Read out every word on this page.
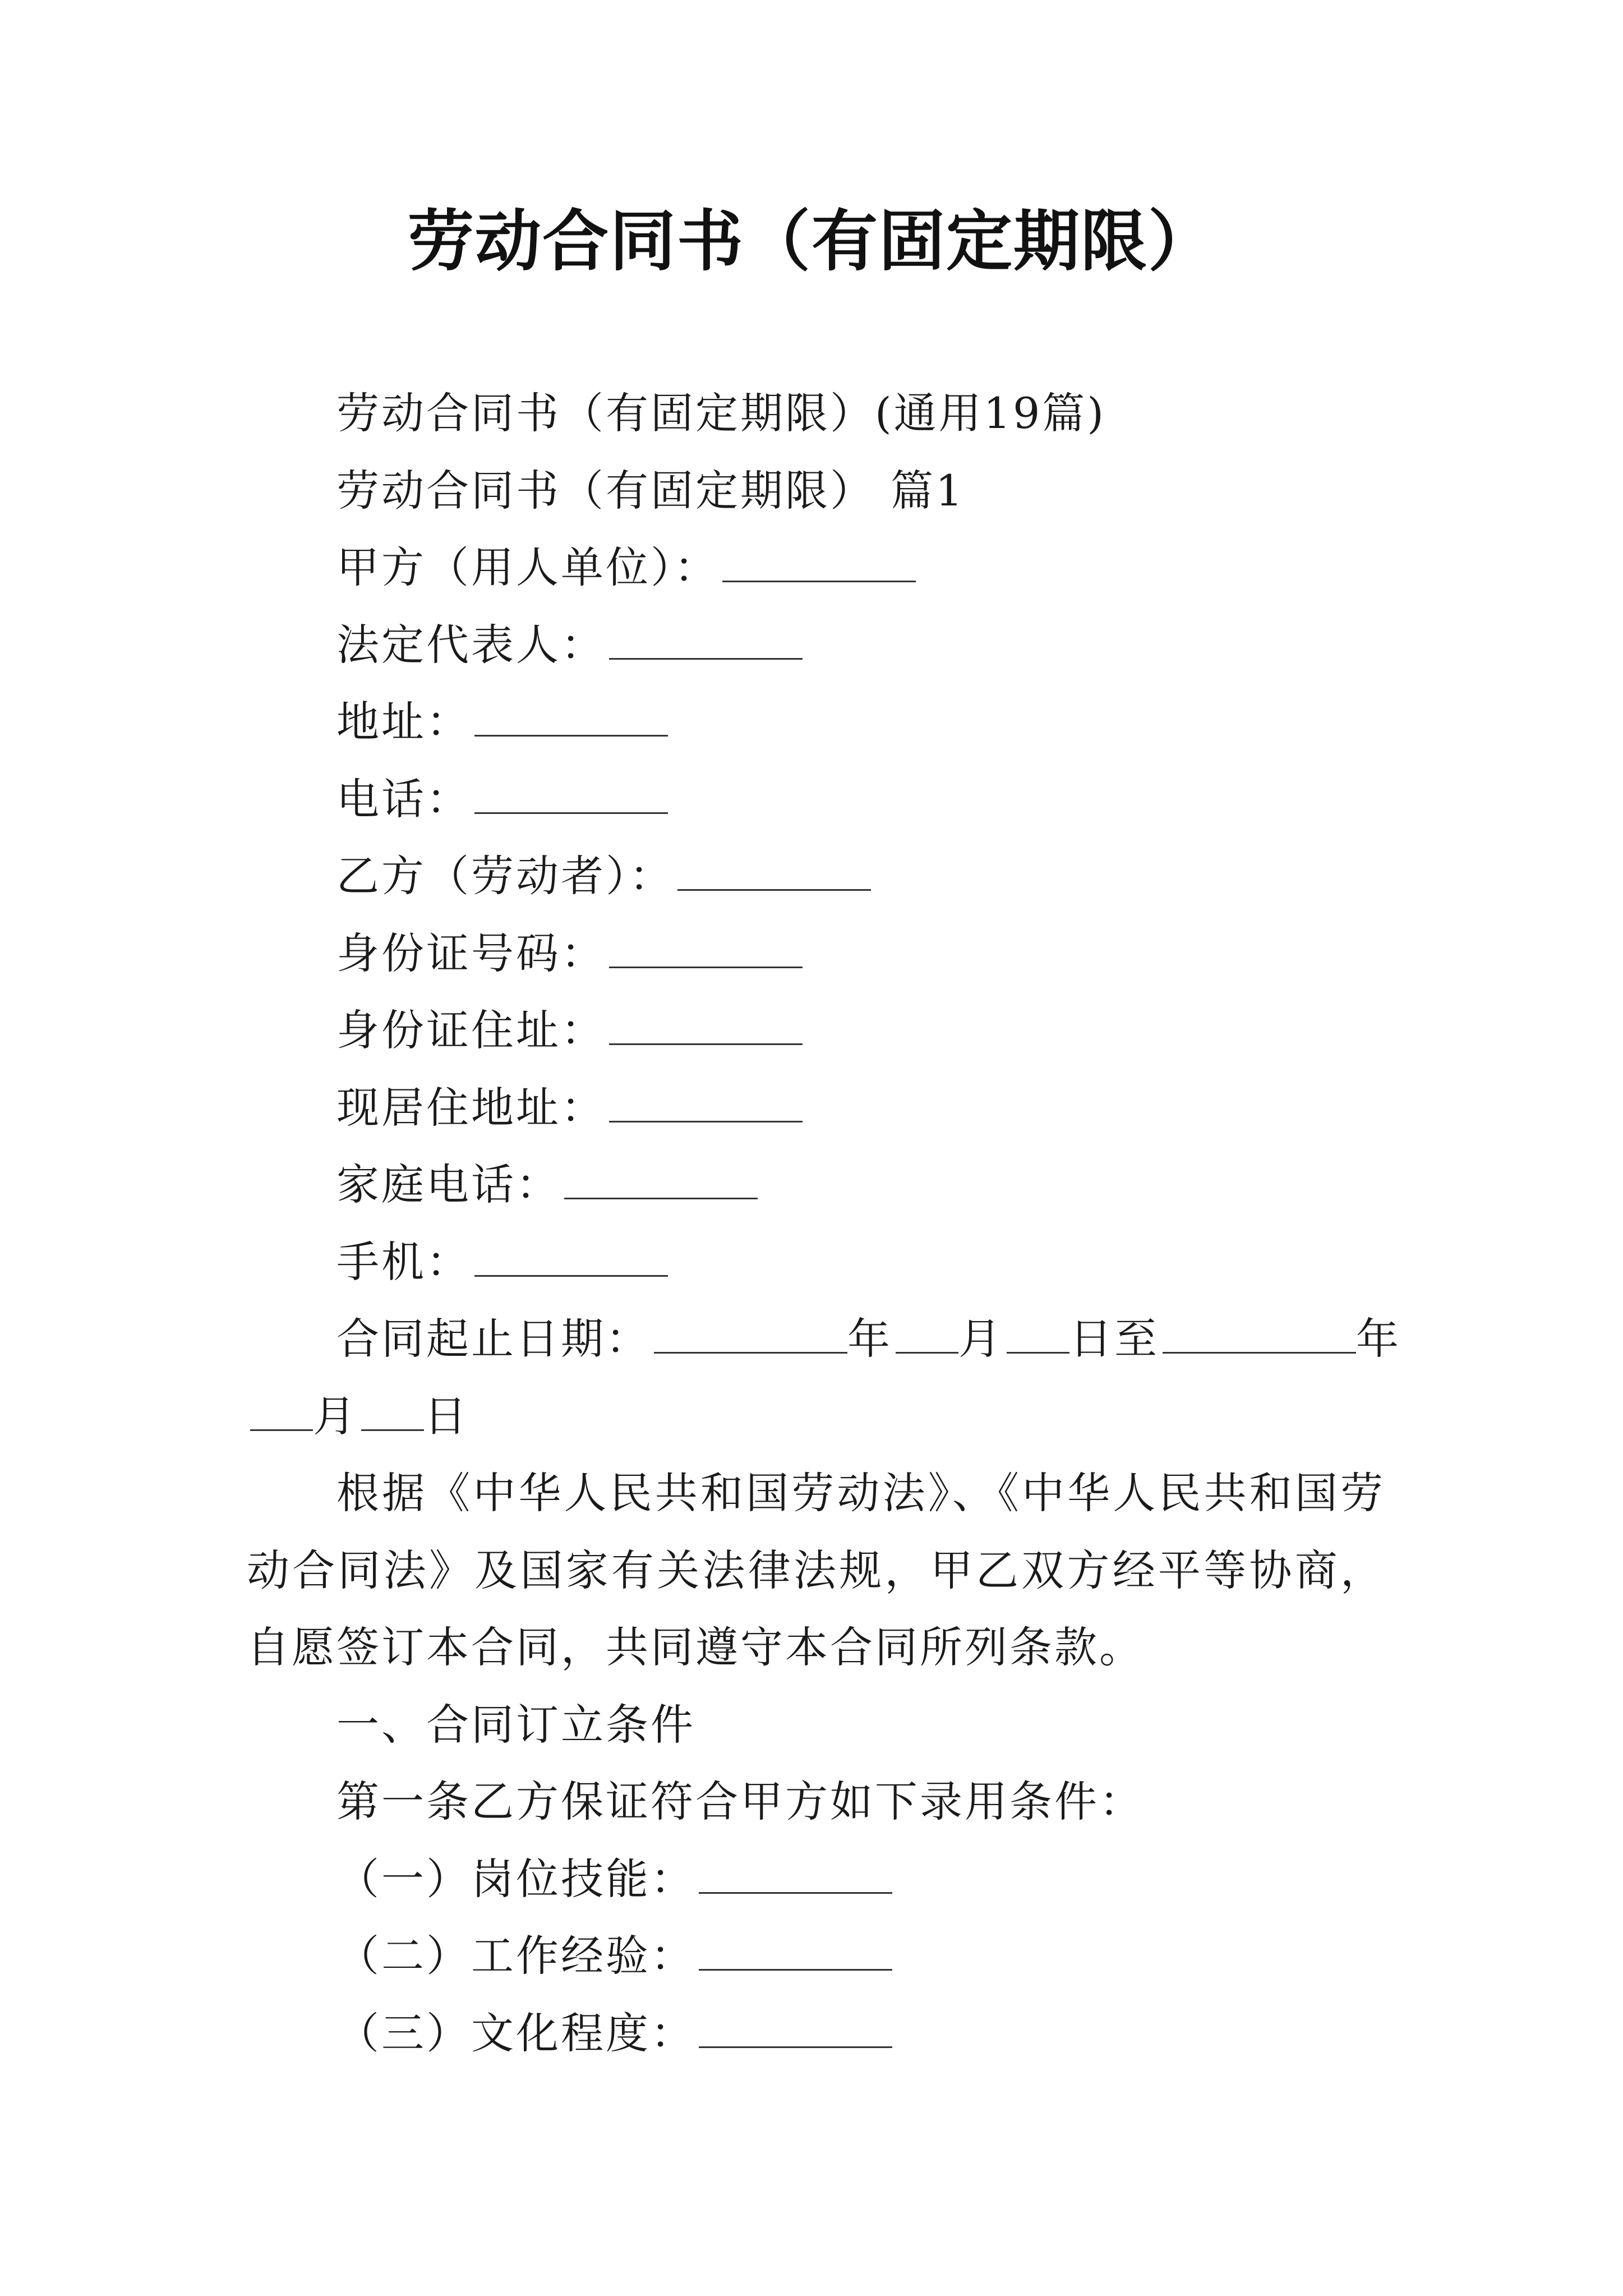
劳动合同书（有固定期限）
劳动合同书（有固定期限）(通用19篇)
劳动合同书（有固定期限） 篇1
甲方（用人单位）：
法定代表人：
地址：
电话：
乙方（劳动者）：
身份证号码：
身份证住址：
现居住地址：
家庭电话：
手机：
合同起止日期：	年 月 日至	年
月 日
根据《中华人民共和国劳动法》、《中华人民共和国劳动合同法》及国家有关法律法规，甲乙双方经平等协商，自愿签订本合同，共同遵守本合同所列条款。
一、合同订立条件
第一条乙方保证符合甲方如下录用条件：
（一）岗位技能：
（二）工作经验：
（三）文化程度：
